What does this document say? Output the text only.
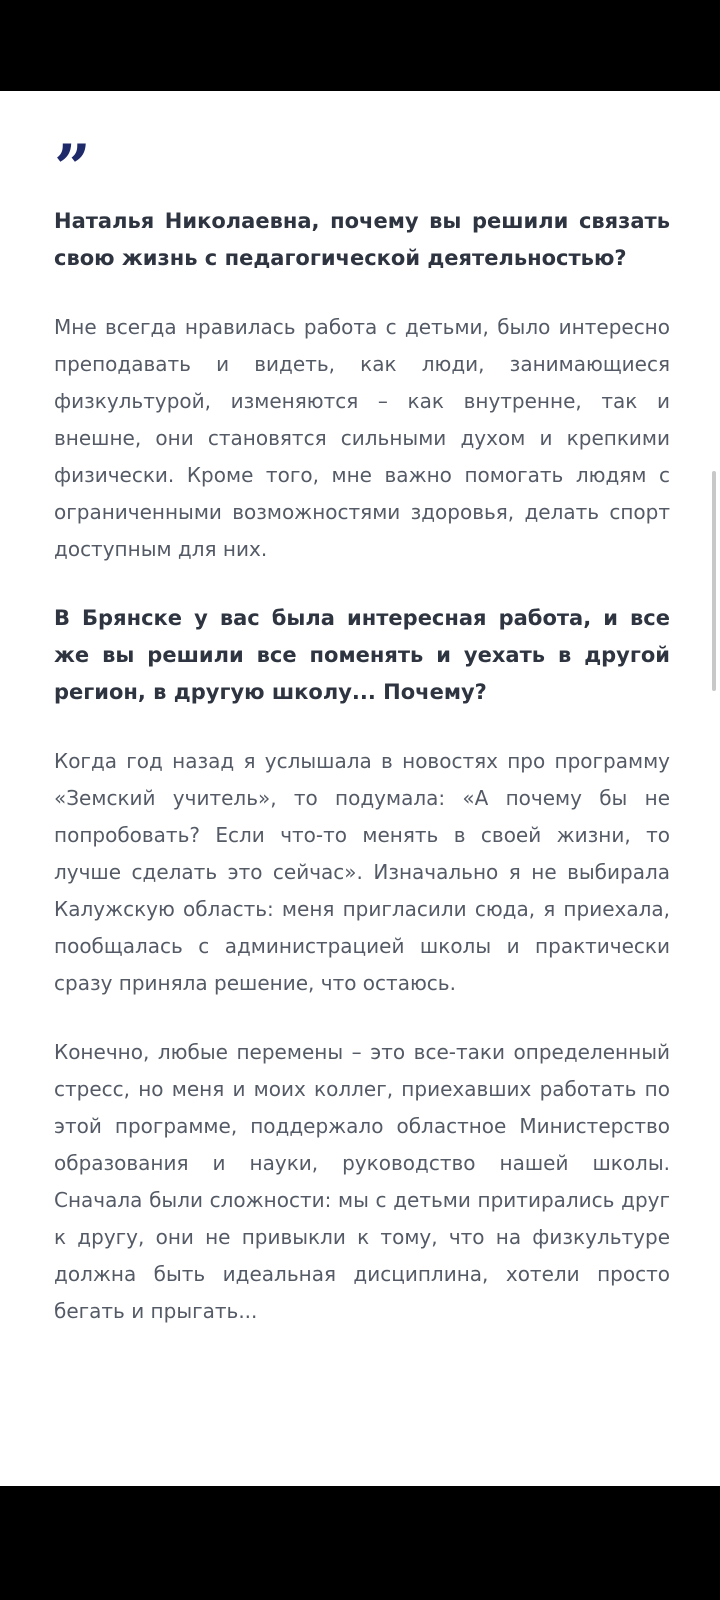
”

Наталья Николаевна, почему вы решили связать свою жизнь с педагогической деятельностью?

Мне всегда нравилась работа с детьми, было интересно преподавать и видеть, как люди, занимающиеся физкультурой, изменяются – как внутренне, так и внешне, они становятся сильными духом и крепкими физически. Кроме того, мне важно помогать людям с ограниченными возможностями здоровья, делать спорт доступным для них.

В Брянске у вас была интересная работа, и все же вы решили все поменять и уехать в другой регион, в другую школу... Почему?

Когда год назад я услышала в новостях про программу «Земский учитель», то подумала: «А почему бы не попробовать? Если что-то менять в своей жизни, то лучше сделать это сейчас». Изначально я не выбирала Калужскую область: меня пригласили сюда, я приехала, пообщалась с администрацией школы и практически сразу приняла решение, что остаюсь.

Конечно, любые перемены – это все-таки определенный стресс, но меня и моих коллег, приехавших работать по этой программе, поддержало областное Министерство образования и науки, руководство нашей школы. Сначала были сложности: мы с детьми притирались друг к другу, они не привыкли к тому, что на физкультуре должна быть идеальная дисциплина, хотели просто бегать и прыгать...
